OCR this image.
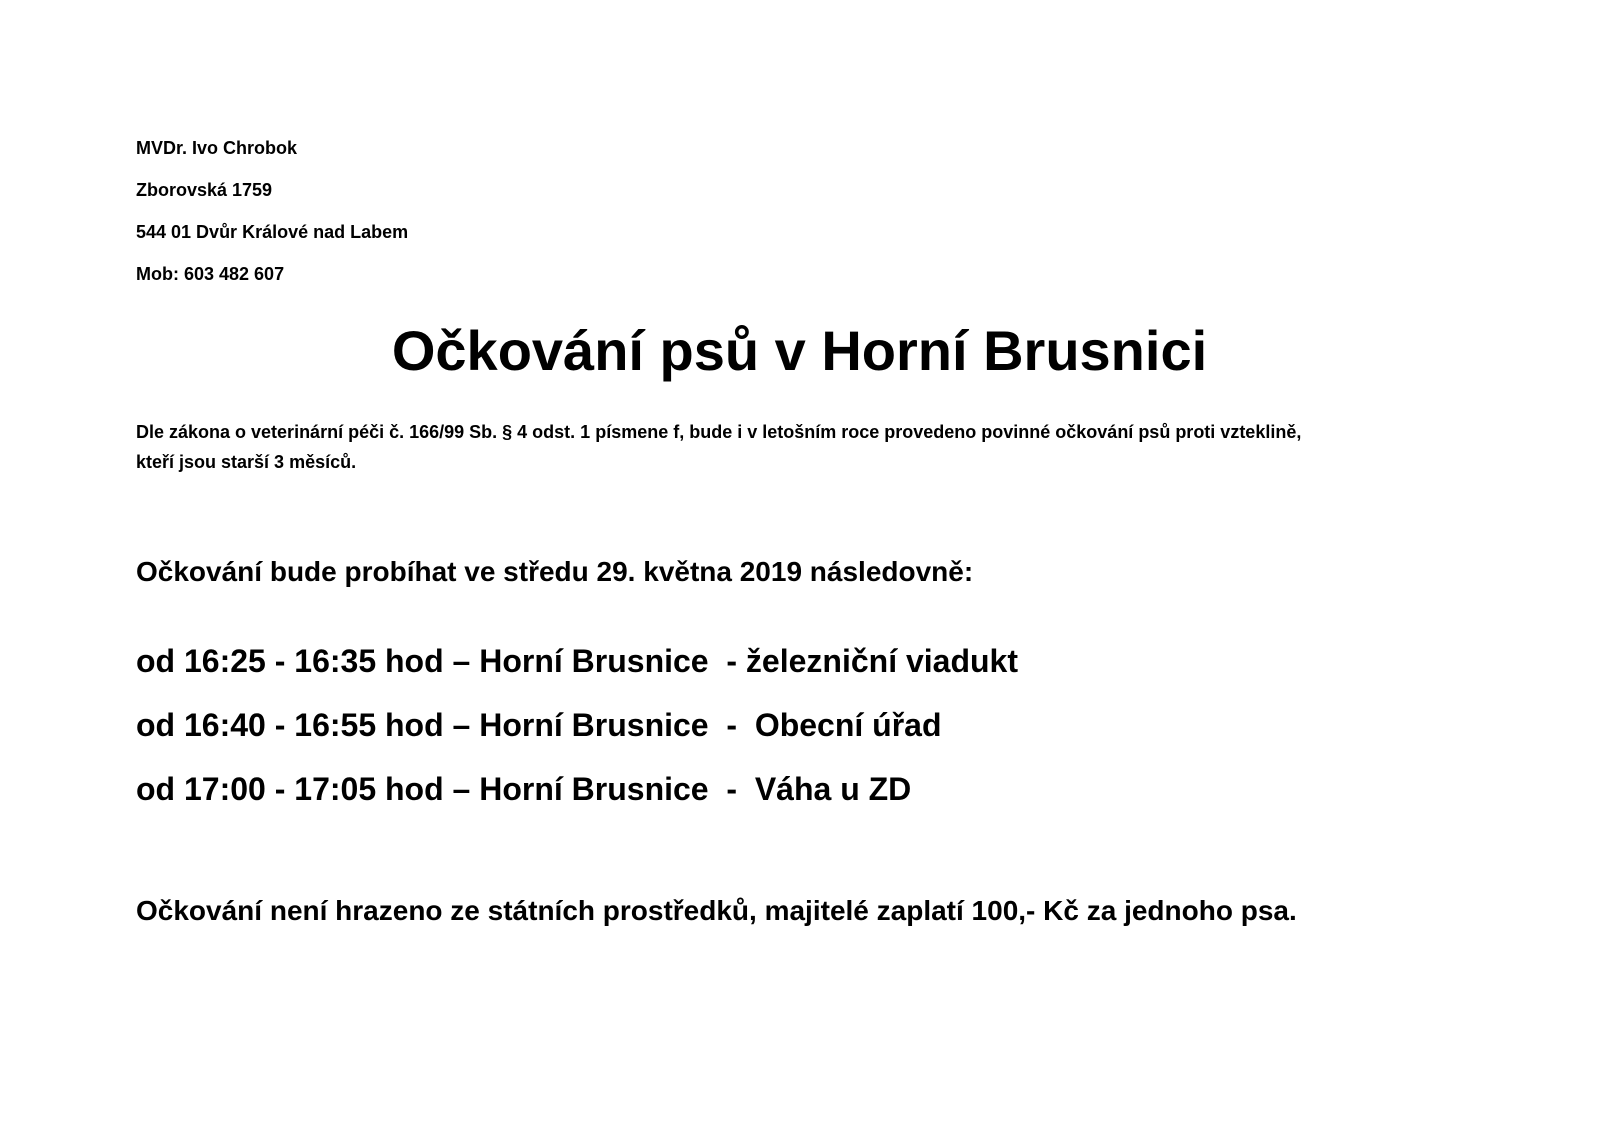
MVDr. Ivo Chrobok
Zborovská 1759
544 01 Dvůr Králové nad Labem
Mob: 603 482 607
Očkování psů v Horní Brusnici

Dle zákona o veterinární péči č. 166/99 Sb. § 4 odst. 1 písmene f, bude i v letošním roce provedeno povinné očkování psů proti vzteklině,

kteří jsou starší 3 měsíců.

Očkování bude probíhat ve středu 29. května 2019 následovně:
od 16:25 - 16:35 hod – Horní Brusnice  - železniční viadukt
od 16:40 - 16:55 hod – Horní Brusnice  -  Obecní úřad
od 17:00 - 17:05 hod – Horní Brusnice  -  Váha u ZD
Očkování není hrazeno ze státních prostředků, majitelé zaplatí 100,- Kč za jednoho psa.
